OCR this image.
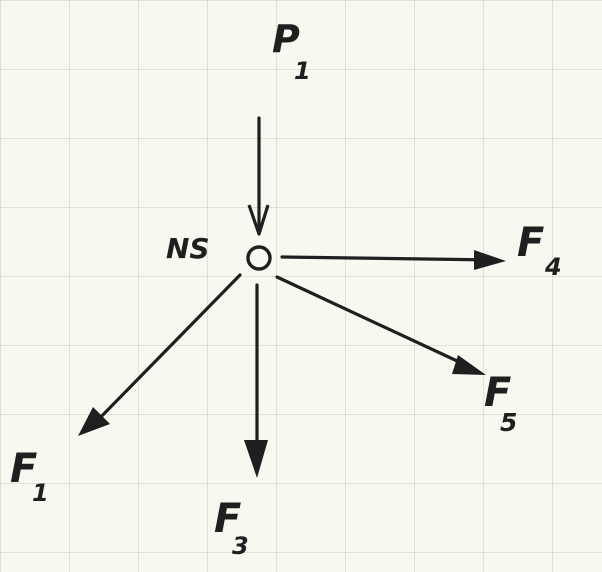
NS
P
1
F
4
F
5
F
3
F
1
